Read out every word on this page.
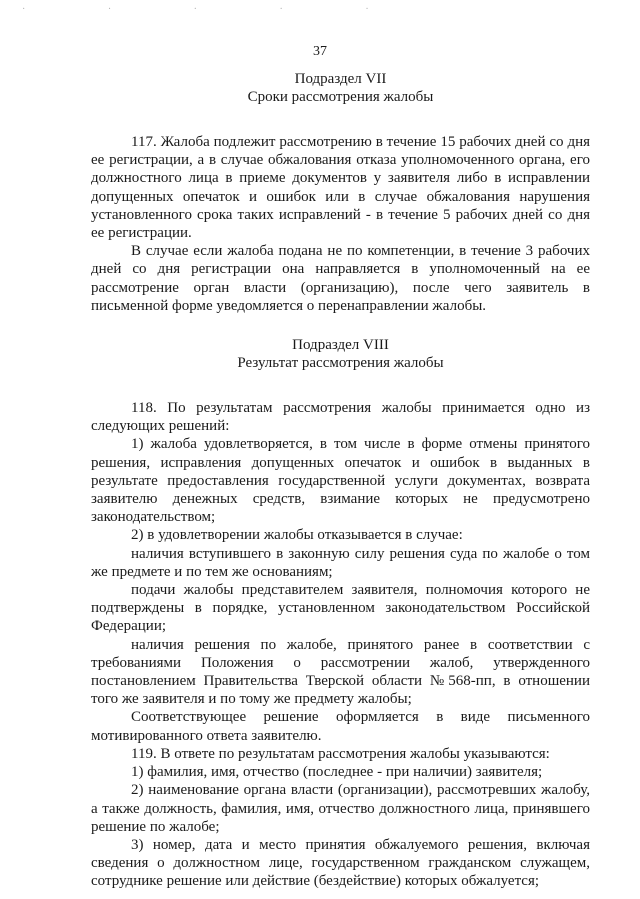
· · · · ·
37
Подраздел VII
Сроки рассмотрения жалобы

117. Жалоба подлежит рассмотрению в течение 15 рабочих дней со дня ее регистрации, а в случае обжалования отказа уполномоченного органа, его должностного лица в приеме документов у заявителя либо в исправлении допущенных опечаток и ошибок или в случае обжалования нарушения установленного срока таких исправлений - в течение 5 рабочих дней со дня ее регистрации.

В случае если жалоба подана не по компетенции, в течение 3 рабочих дней со дня регистрации она направляется в уполномоченный на ее рассмотрение орган власти (организацию), после чего заявитель в письменной форме уведомляется о перенаправлении жалобы.

Подраздел VIII
Результат рассмотрения жалобы

118. По результатам рассмотрения жалобы принимается одно из следующих решений:

1) жалоба удовлетворяется, в том числе в форме отмены принятого решения, исправления допущенных опечаток и ошибок в выданных в результате предоставления государственной услуги документах, возврата заявителю денежных средств, взимание которых не предусмотрено законодательством;

2) в удовлетворении жалобы отказывается в случае:

наличия вступившего в законную силу решения суда по жалобе о том же предмете и по тем же основаниям;

подачи жалобы представителем заявителя, полномочия которого не подтверждены в порядке, установленном законодательством Российской Федерации;

наличия решения по жалобе, принятого ранее в соответствии с требованиями Положения о рассмотрении жалоб, утвержденного постановлением Правительства Тверской области №568-пп, в отношении того же заявителя и по тому же предмету жалобы;

Соответствующее решение оформляется в виде письменного мотивированного ответа заявителю.

119. В ответе по результатам рассмотрения жалобы указываются:

1) фамилия, имя, отчество (последнее - при наличии) заявителя;

2) наименование органа власти (организации), рассмотревших жалобу, а также должность, фамилия, имя, отчество должностного лица, принявшего решение по жалобе;

3) номер, дата и место принятия обжалуемого решения, включая сведения о должностном лице, государственном гражданском служащем, сотруднике решение или действие (бездействие) которых обжалуется;
